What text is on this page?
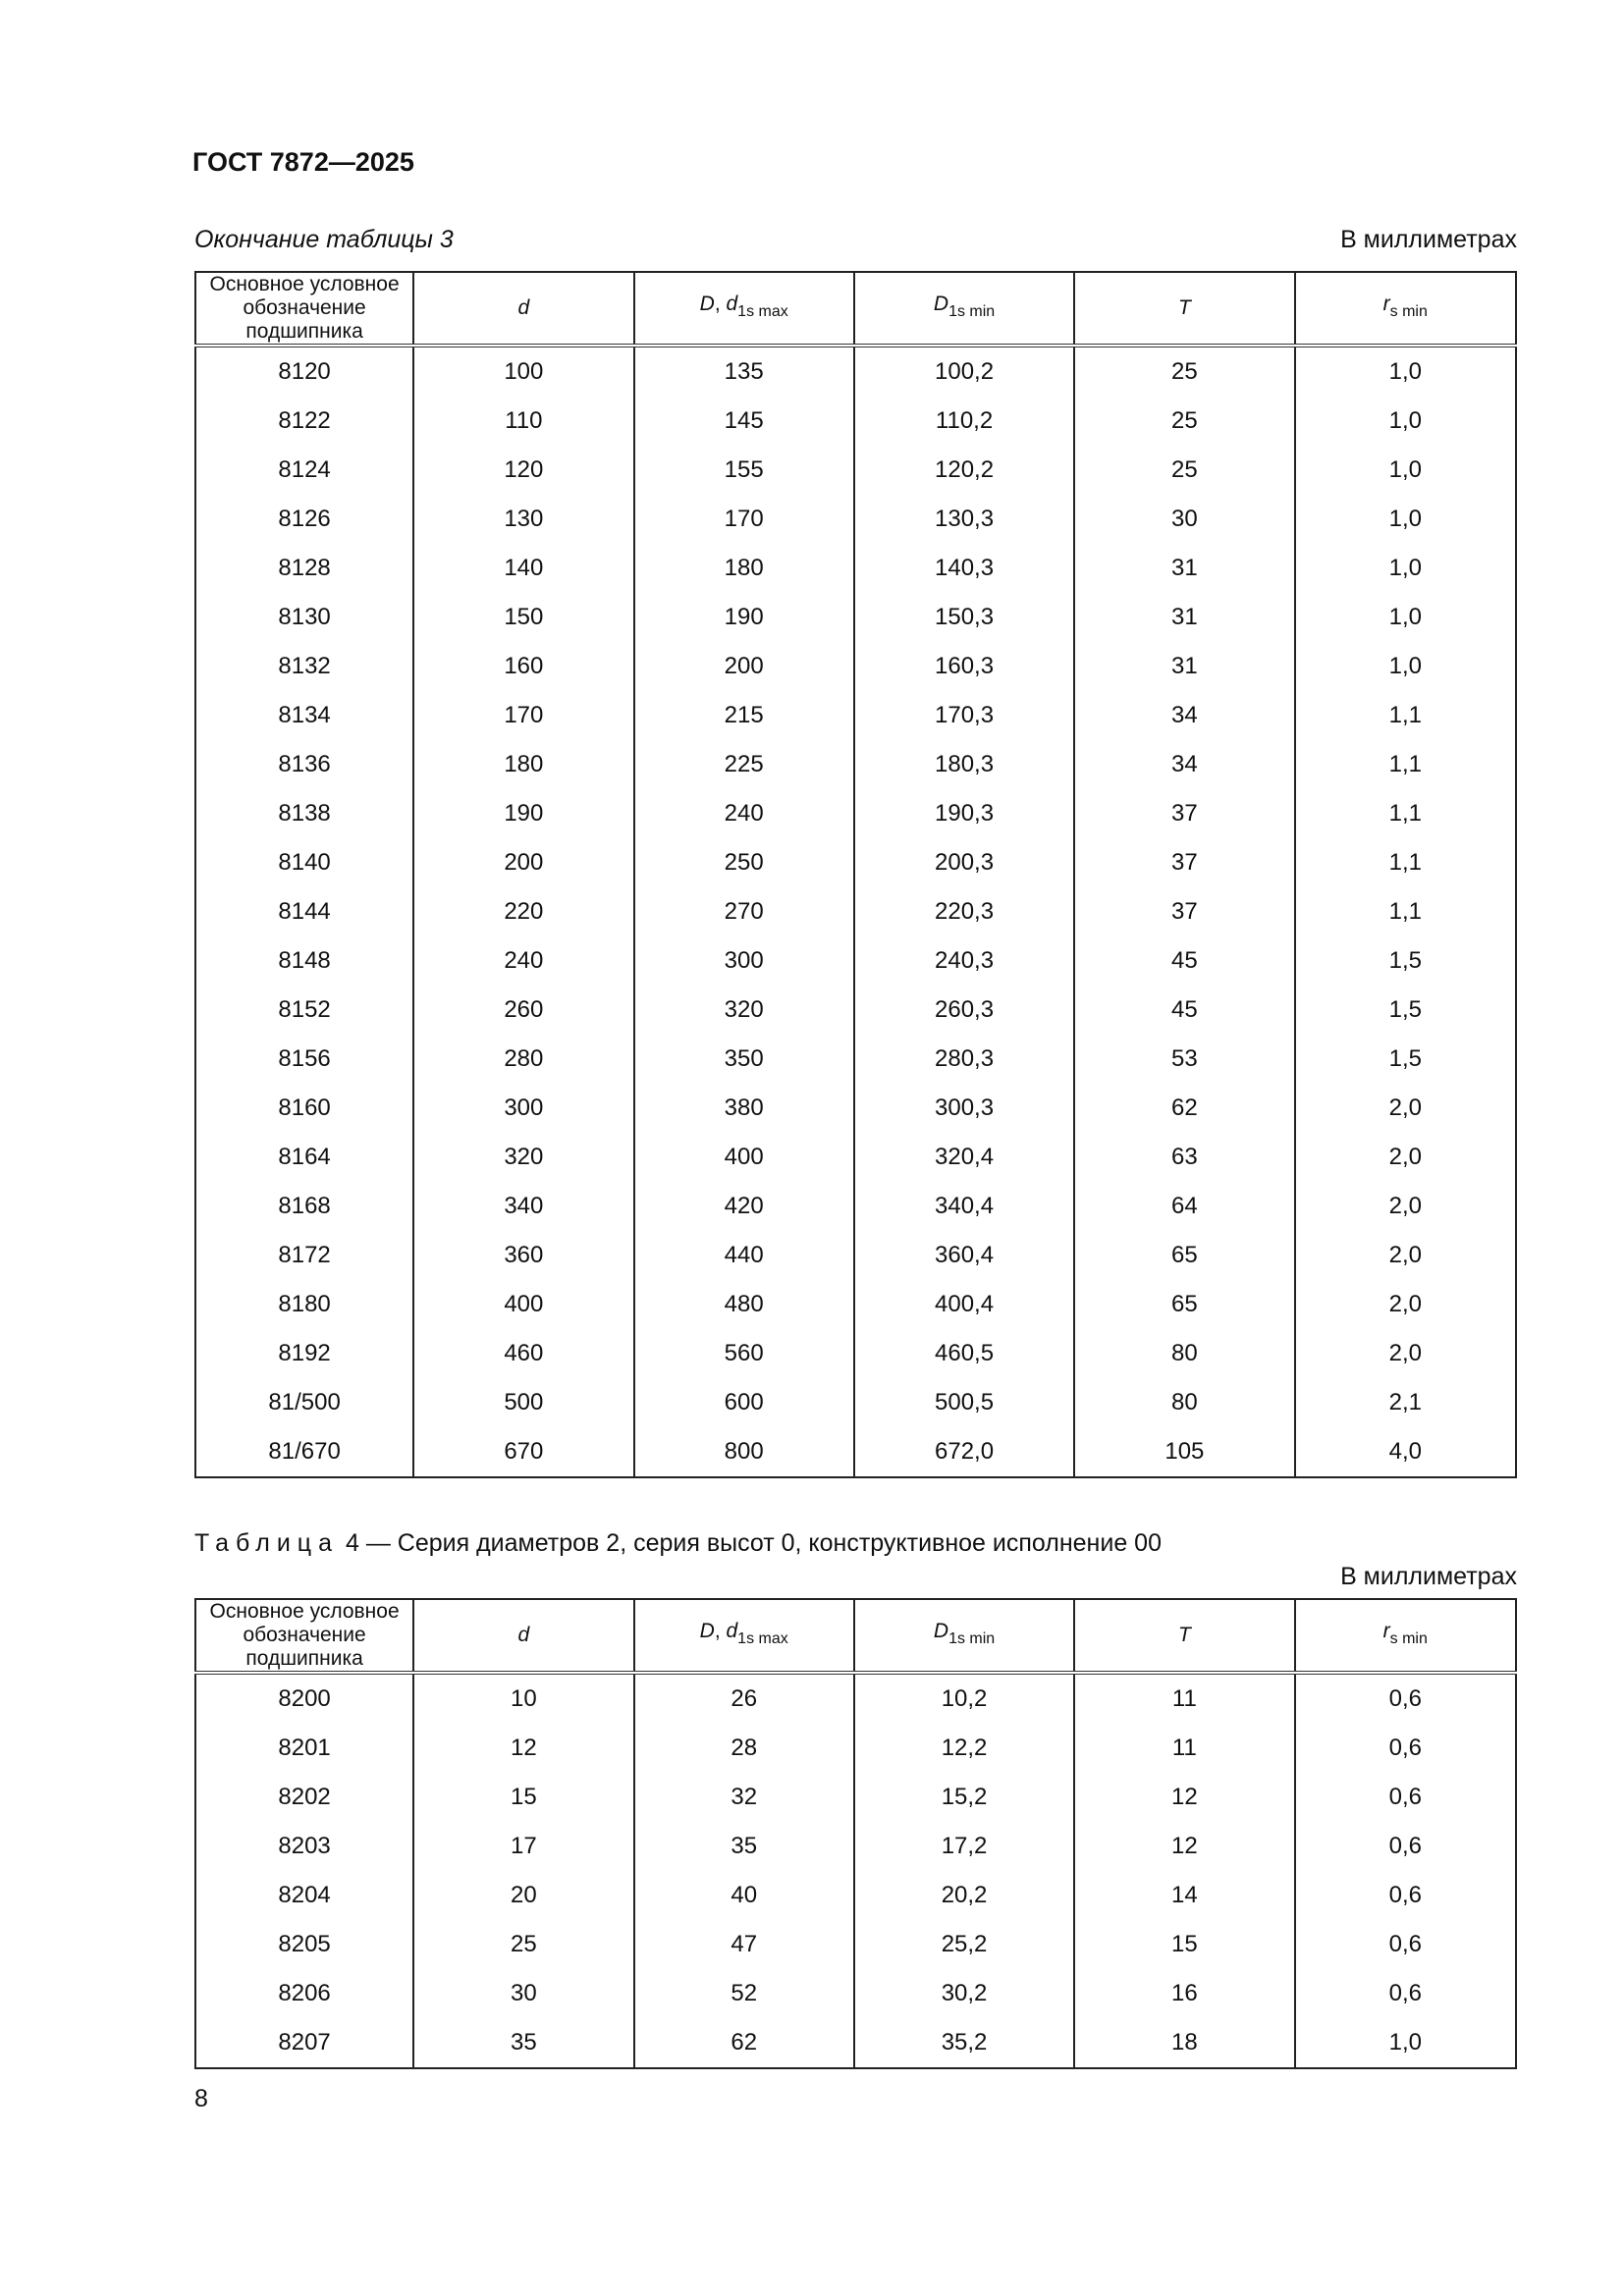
ГОСТ 7872—2025
Окончание таблицы 3	В миллиметрах
Основное условное обозначение подшипника	d	D, $d_{1s max}$	$D_{1s min}$	T	$r_{s min}$
8120	100	135	100,2	25	1,0
8122	110	145	110,2	25	1,0
8124	120	155	120,2	25	1,0
8126	130	170	130,3	30	1,0
8128	140	180	140,3	31	1,0
8130	150	190	150,3	31	1,0
8132	160	200	160,3	31	1,0
8134	170	215	170,3	34	1,1
8136	180	225	180,3	34	1,1
8138	190	240	190,3	37	1,1
8140	200	250	200,3	37	1,1
8144	220	270	220,3	37	1,1
8148	240	300	240,3	45	1,5
8152	260	320	260,3	45	1,5
8156	280	350	280,3	53	1,5
8160	300	380	300,3	62	2,0
8164	320	400	320,4	63	2,0
8168	340	420	340,4	64	2,0
8172	360	440	360,4	65	2,0
8180	400	480	400,4	65	2,0
8192	460	560	460,5	80	2,0
81/500	500	600	500,5	80	2,1
81/670	670	800	672,0	105	4,0
Таблица 4 — Серия диаметров 2, серия высот 0, конструктивное исполнение 00
В миллиметрах
Основное условное обозначение подшипника	d	D, $d_{1s max}$	$D_{1s min}$	T	$r_{s min}$
8200	10	26	10,2	11	0,6
8201	12	28	12,2	11	0,6
8202	15	32	15,2	12	0,6
8203	17	35	17,2	12	0,6
8204	20	40	20,2	14	0,6
8205	25	47	25,2	15	0,6
8206	30	52	30,2	16	0,6
8207	35	62	35,2	18	1,0
8
